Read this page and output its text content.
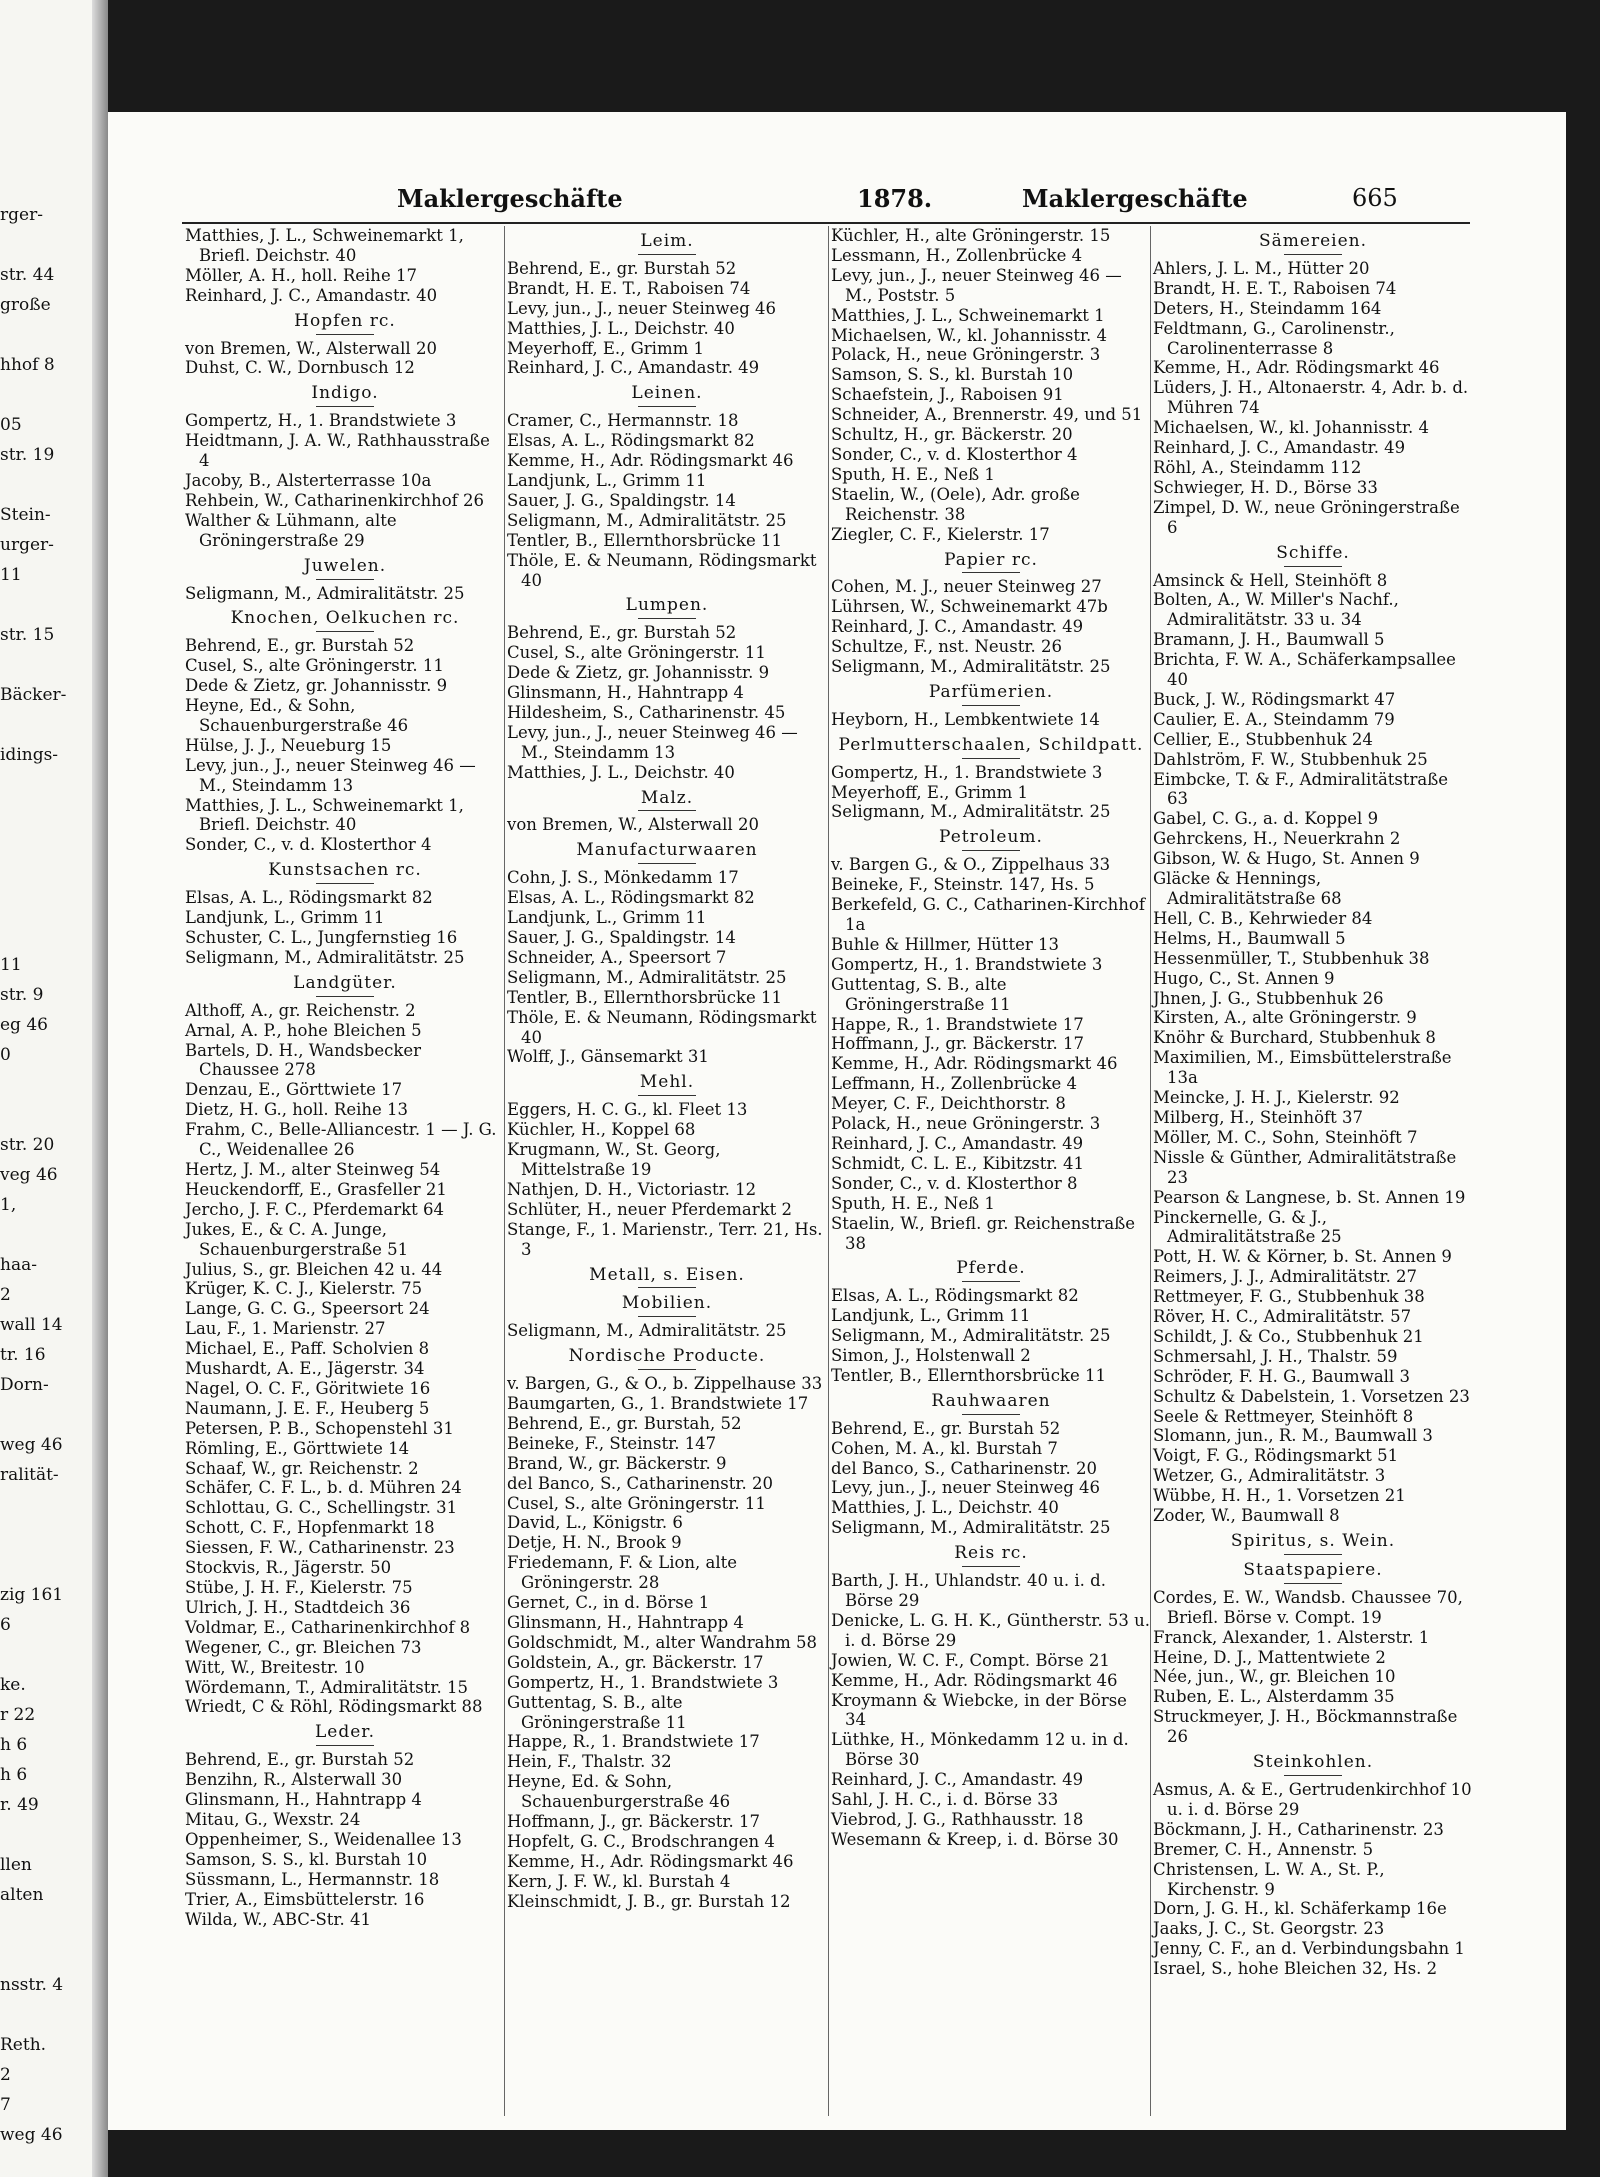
rger-
str. 44
große
hhof 8
05
str. 19
Stein-
urger-
11
str. 15
Bäcker-
idings-
11
str. 9
eg 46
0
str. 20
veg 46
1,
haa-
2
wall 14
tr. 16
Dorn-
weg 46
ralität-
zig 161
6
ke.
r 22
h 6
h 6
r. 49
llen
alten
nsstr. 4
Reth.
2
7
weg 46
Maklergeschäfte	1878.	Maklergeschäfte	665
Matthies, J. L., Schweinemarkt 1, Briefl. Deichstr. 40
Möller, A. H., holl. Reihe 17
Reinhard, J. C., Amandastr. 40
Hopfen rc.
von Bremen, W., Alsterwall 20
Duhst, C. W., Dornbusch 12
Indigo.
Gompertz, H., 1. Brandstwiete 3
Heidtmann, J. A. W., Rathhausstraße 4
Jacoby, B., Alsterterrasse 10a
Rehbein, W., Catharinenkirchhof 26
Walther & Lühmann, alte Gröningerstraße 29
Juwelen.
Seligmann, M., Admiralitätstr. 25
Knochen, Oelkuchen rc.
Behrend, E., gr. Burstah 52
Cusel, S., alte Gröningerstr. 11
Dede & Zietz, gr. Johannisstr. 9
Heyne, Ed., & Sohn, Schauenburgerstraße 46
Hülse, J. J., Neueburg 15
Levy, jun., J., neuer Steinweg 46 — M., Steindamm 13
Matthies, J. L., Schweinemarkt 1, Briefl. Deichstr. 40
Sonder, C., v. d. Klosterthor 4
Kunstsachen rc.
Elsas, A. L., Rödingsmarkt 82
Landjunk, L., Grimm 11
Schuster, C. L., Jungfernstieg 16
Seligmann, M., Admiralitätstr. 25
Landgüter.
Althoff, A., gr. Reichenstr. 2
Arnal, A. P., hohe Bleichen 5
Bartels, D. H., Wandsbecker Chaussee 278
Denzau, E., Görttwiete 17
Dietz, H. G., holl. Reihe 13
Frahm, C., Belle-Alliancestr. 1 — J. G. C., Weidenallee 26
Hertz, J. M., alter Steinweg 54
Heuckendorff, E., Grasfeller 21
Jercho, J. F. C., Pferdemarkt 64
Jukes, E., & C. A. Junge, Schauenburgerstraße 51
Julius, S., gr. Bleichen 42 u. 44
Krüger, K. C. J., Kielerstr. 75
Lange, G. C. G., Speersort 24
Lau, F., 1. Marienstr. 27
Michael, E., Paff. Scholvien 8
Mushardt, A. E., Jägerstr. 34
Nagel, O. C. F., Göritwiete 16
Naumann, J. E. F., Heuberg 5
Petersen, P. B., Schopenstehl 31
Römling, E., Görttwiete 14
Schaaf, W., gr. Reichenstr. 2
Schäfer, C. F. L., b. d. Mühren 24
Schlottau, G. C., Schellingstr. 31
Schott, C. F., Hopfenmarkt 18
Siessen, F. W., Catharinenstr. 23
Stockvis, R., Jägerstr. 50
Stübe, J. H. F., Kielerstr. 75
Ulrich, J. H., Stadtdeich 36
Voldmar, E., Catharinenkirchhof 8
Wegener, C., gr. Bleichen 73
Witt, W., Breitestr. 10
Wördemann, T., Admiralitätstr. 15
Wriedt, C & Röhl, Rödingsmarkt 88
Leder.
Behrend, E., gr. Burstah 52
Benzihn, R., Alsterwall 30
Glinsmann, H., Hahntrapp 4
Mitau, G., Wexstr. 24
Oppenheimer, S., Weidenallee 13
Samson, S. S., kl. Burstah 10
Süssmann, L., Hermannstr. 18
Trier, A., Eimsbüttelerstr. 16
Wilda, W., ABC-Str. 41
Leim.
Behrend, E., gr. Burstah 52
Brandt, H. E. T., Raboisen 74
Levy, jun., J., neuer Steinweg 46
Matthies, J. L., Deichstr. 40
Meyerhoff, E., Grimm 1
Reinhard, J. C., Amandastr. 49
Leinen.
Cramer, C., Hermannstr. 18
Elsas, A. L., Rödingsmarkt 82
Kemme, H., Adr. Rödingsmarkt 46
Landjunk, L., Grimm 11
Sauer, J. G., Spaldingstr. 14
Seligmann, M., Admiralitätstr. 25
Tentler, B., Ellernthorsbrücke 11
Thöle, E. & Neumann, Rödingsmarkt 40
Lumpen.
Behrend, E., gr. Burstah 52
Cusel, S., alte Gröningerstr. 11
Dede & Zietz, gr. Johannisstr. 9
Glinsmann, H., Hahntrapp 4
Hildesheim, S., Catharinenstr. 45
Levy, jun., J., neuer Steinweg 46 — M., Steindamm 13
Matthies, J. L., Deichstr. 40
Malz.
von Bremen, W., Alsterwall 20
Manufacturwaaren
Cohn, J. S., Mönkedamm 17
Elsas, A. L., Rödingsmarkt 82
Landjunk, L., Grimm 11
Sauer, J. G., Spaldingstr. 14
Schneider, A., Speersort 7
Seligmann, M., Admiralitätstr. 25
Tentler, B., Ellernthorsbrücke 11
Thöle, E. & Neumann, Rödingsmarkt 40
Wolff, J., Gänsemarkt 31
Mehl.
Eggers, H. C. G., kl. Fleet 13
Küchler, H., Koppel 68
Krugmann, W., St. Georg, Mittelstraße 19
Nathjen, D. H., Victoriastr. 12
Schlüter, H., neuer Pferdemarkt 2
Stange, F., 1. Marienstr., Terr. 21, Hs. 3
Metall, s. Eisen.
Mobilien.
Seligmann, M., Admiralitätstr. 25
Nordische Producte.
v. Bargen, G., & O., b. Zippelhause 33
Baumgarten, G., 1. Brandstwiete 17
Behrend, E., gr. Burstah, 52
Beineke, F., Steinstr. 147
Brand, W., gr. Bäckerstr. 9
del Banco, S., Catharinenstr. 20
Cusel, S., alte Gröningerstr. 11
David, L., Königstr. 6
Detje, H. N., Brook 9
Friedemann, F. & Lion, alte Gröningerstr. 28
Gernet, C., in d. Börse 1
Glinsmann, H., Hahntrapp 4
Goldschmidt, M., alter Wandrahm 58
Goldstein, A., gr. Bäckerstr. 17
Gompertz, H., 1. Brandstwiete 3
Guttentag, S. B., alte Gröningerstraße 11
Happe, R., 1. Brandstwiete 17
Hein, F., Thalstr. 32
Heyne, Ed. & Sohn, Schauenburgerstraße 46
Hoffmann, J., gr. Bäckerstr. 17
Hopfelt, G. C., Brodschrangen 4
Kemme, H., Adr. Rödingsmarkt 46
Kern, J. F. W., kl. Burstah 4
Kleinschmidt, J. B., gr. Burstah 12
Küchler, H., alte Gröningerstr. 15
Lessmann, H., Zollenbrücke 4
Levy, jun., J., neuer Steinweg 46 — M., Poststr. 5
Matthies, J. L., Schweinemarkt 1
Michaelsen, W., kl. Johannisstr. 4
Polack, H., neue Gröningerstr. 3
Samson, S. S., kl. Burstah 10
Schaefstein, J., Raboisen 91
Schneider, A., Brennerstr. 49, und 51
Schultz, H., gr. Bäckerstr. 20
Sonder, C., v. d. Klosterthor 4
Sputh, H. E., Neß 1
Staelin, W., (Oele), Adr. große Reichenstr. 38
Ziegler, C. F., Kielerstr. 17
Papier rc.
Cohen, M. J., neuer Steinweg 27
Lührsen, W., Schweinemarkt 47b
Reinhard, J. C., Amandastr. 49
Schultze, F., nst. Neustr. 26
Seligmann, M., Admiralitätstr. 25
Parfümerien.
Heyborn, H., Lembkentwiete 14
Perlmutterschaalen, Schildpatt.
Gompertz, H., 1. Brandstwiete 3
Meyerhoff, E., Grimm 1
Seligmann, M., Admiralitätstr. 25
Petroleum.
v. Bargen G., & O., Zippelhaus 33
Beineke, F., Steinstr. 147, Hs. 5
Berkefeld, G. C., Catharinen-Kirchhof 1a
Buhle & Hillmer, Hütter 13
Gompertz, H., 1. Brandstwiete 3
Guttentag, S. B., alte Gröningerstraße 11
Happe, R., 1. Brandstwiete 17
Hoffmann, J., gr. Bäckerstr. 17
Kemme, H., Adr. Rödingsmarkt 46
Leffmann, H., Zollenbrücke 4
Meyer, C. F., Deichthorstr. 8
Polack, H., neue Gröningerstr. 3
Reinhard, J. C., Amandastr. 49
Schmidt, C. L. E., Kibitzstr. 41
Sonder, C., v. d. Klosterthor 8
Sputh, H. E., Neß 1
Staelin, W., Briefl. gr. Reichenstraße 38
Pferde.
Elsas, A. L., Rödingsmarkt 82
Landjunk, L., Grimm 11
Seligmann, M., Admiralitätstr. 25
Simon, J., Holstenwall 2
Tentler, B., Ellernthorsbrücke 11
Rauhwaaren
Behrend, E., gr. Burstah 52
Cohen, M. A., kl. Burstah 7
del Banco, S., Catharinenstr. 20
Levy, jun., J., neuer Steinweg 46
Matthies, J. L., Deichstr. 40
Seligmann, M., Admiralitätstr. 25
Reis rc.
Barth, J. H., Uhlandstr. 40 u. i. d. Börse 29
Denicke, L. G. H. K., Güntherstr. 53 u. i. d. Börse 29
Jowien, W. C. F., Compt. Börse 21
Kemme, H., Adr. Rödingsmarkt 46
Kroymann & Wiebcke, in der Börse 34
Lüthke, H., Mönkedamm 12 u. in d. Börse 30
Reinhard, J. C., Amandastr. 49
Sahl, J. H. C., i. d. Börse 33
Viebrod, J. G., Rathhausstr. 18
Wesemann & Kreep, i. d. Börse 30
Sämereien.
Ahlers, J. L. M., Hütter 20
Brandt, H. E. T., Raboisen 74
Deters, H., Steindamm 164
Feldtmann, G., Carolinenstr., Carolinenterrasse 8
Kemme, H., Adr. Rödingsmarkt 46
Lüders, J. H., Altonaerstr. 4, Adr. b. d. Mühren 74
Michaelsen, W., kl. Johannisstr. 4
Reinhard, J. C., Amandastr. 49
Röhl, A., Steindamm 112
Schwieger, H. D., Börse 33
Zimpel, D. W., neue Gröningerstraße 6
Schiffe.
Amsinck & Hell, Steinhöft 8
Bolten, A., W. Miller's Nachf., Admiralitätstr. 33 u. 34
Bramann, J. H., Baumwall 5
Brichta, F. W. A., Schäferkampsallee 40
Buck, J. W., Rödingsmarkt 47
Caulier, E. A., Steindamm 79
Cellier, E., Stubbenhuk 24
Dahlström, F. W., Stubbenhuk 25
Eimbcke, T. & F., Admiralitätstraße 63
Gabel, C. G., a. d. Koppel 9
Gehrckens, H., Neuerkrahn 2
Gibson, W. & Hugo, St. Annen 9
Gläcke & Hennings, Admiralitätstraße 68
Hell, C. B., Kehrwieder 84
Helms, H., Baumwall 5
Hessenmüller, T., Stubbenhuk 38
Hugo, C., St. Annen 9
Jhnen, J. G., Stubbenhuk 26
Kirsten, A., alte Gröningerstr. 9
Knöhr & Burchard, Stubbenhuk 8
Maximilien, M., Eimsbüttelerstraße 13a
Meincke, J. H. J., Kielerstr. 92
Milberg, H., Steinhöft 37
Möller, M. C., Sohn, Steinhöft 7
Nissle & Günther, Admiralitätstraße 23
Pearson & Langnese, b. St. Annen 19
Pinckernelle, G. & J., Admiralitätstraße 25
Pott, H. W. & Körner, b. St. Annen 9
Reimers, J. J., Admiralitätstr. 27
Rettmeyer, F. G., Stubbenhuk 38
Röver, H. C., Admiralitätstr. 57
Schildt, J. & Co., Stubbenhuk 21
Schmersahl, J. H., Thalstr. 59
Schröder, F. H. G., Baumwall 3
Schultz & Dabelstein, 1. Vorsetzen 23
Seele & Rettmeyer, Steinhöft 8
Slomann, jun., R. M., Baumwall 3
Voigt, F. G., Rödingsmarkt 51
Wetzer, G., Admiralitätstr. 3
Wübbe, H. H., 1. Vorsetzen 21
Zoder, W., Baumwall 8
Spiritus, s. Wein.
Staatspapiere.
Cordes, E. W., Wandsb. Chaussee 70, Briefl. Börse v. Compt. 19
Franck, Alexander, 1. Alsterstr. 1
Heine, D. J., Mattentwiete 2
Née, jun., W., gr. Bleichen 10
Ruben, E. L., Alsterdamm 35
Struckmeyer, J. H., Böckmannstraße 26
Steinkohlen.
Asmus, A. & E., Gertrudenkirchhof 10 u. i. d. Börse 29
Böckmann, J. H., Catharinenstr. 23
Bremer, C. H., Annenstr. 5
Christensen, L. W. A., St. P., Kirchenstr. 9
Dorn, J. G. H., kl. Schäferkamp 16e
Jaaks, J. C., St. Georgstr. 23
Jenny, C. F., an d. Verbindungsbahn 1
Israel, S., hohe Bleichen 32, Hs. 2
